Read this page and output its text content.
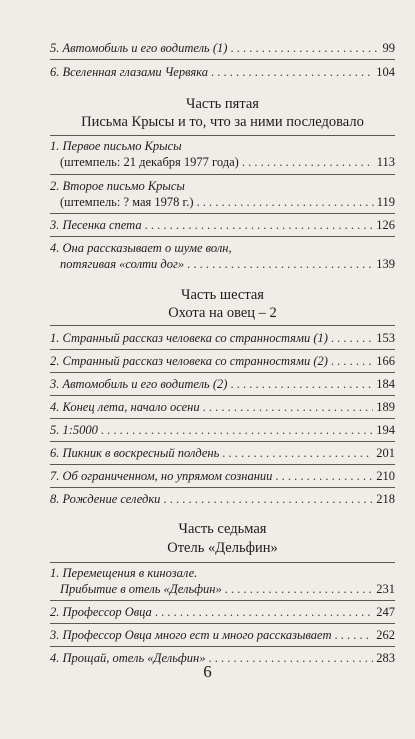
5. Автомобиль и его водитель (1) . . .	99
6. Вселенная глазами Червяка . . .	104
Часть пятая
Письма Крысы и то, что за ними последовало
1. Первое письмо Крысы
(штемпель: 21 декабря 1977 года) . . .	113
2. Второе письмо Крысы
(штемпель: ? мая 1978 г.) . . .	119
3. Песенка спета . . .	126
4. Она рассказывает о шуме волн,
потягивая «солти дог» . . .	139
Часть шестая
Охота на овец – 2
1. Странный рассказ человека со странностями (1) . . .	153
2. Странный рассказ человека со странностями (2) . . .	166
3. Автомобиль и его водитель (2) . . .	184
4. Конец лета, начало осени . . .	189
5. 1:5000 . . .	194
6. Пикник в воскресный полдень . . .	201
7. Об ограниченном, но упрямом сознании . . .	210
8. Рождение селедки . . .	218
Часть седьмая
Отель «Дельфин»
1. Перемещения в кинозале.
Прибытие в отель «Дельфин» . . .	231
2. Профессор Овца . . .	247
3. Профессор Овца много ест и много рассказывает . . .	262
4. Прощай, отель «Дельфин» . . .	283
6
